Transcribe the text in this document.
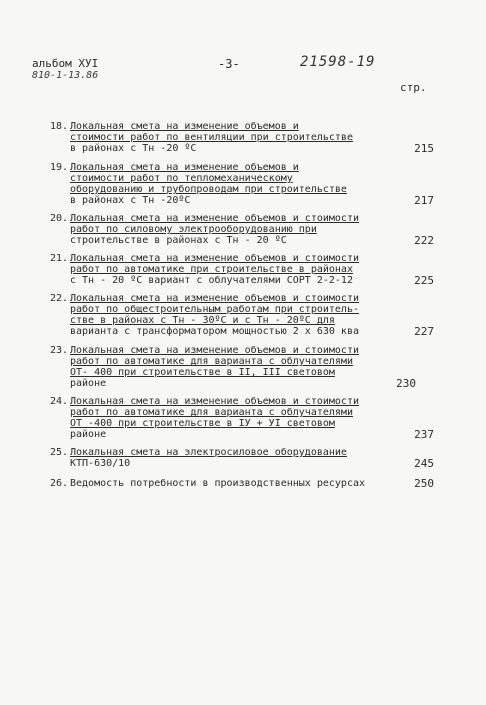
альбом ХУІ
810-1-13.86
-3-	21598-19
стр.
18. Локальная смета на изменение объемов и
стоимости работ по вентиляции при строительстве
в районах с Тн -20 ºС	215
19. Локальная смета на изменение объемов и
стоимости работ по тепломеханическому
оборудованию и трубопроводам при строительстве
в районах с Тн -20ºС	217
20. Локальная смета на изменение объемов и стоимости
работ по силовому электрооборудованию при
строительстве в районах с Тн - 20 ºС	222
21. Локальная смета на изменение объемов и стоимости
работ по автоматике при строительстве в районах
с Тн - 20 ºС вариант с облучателями СОРТ 2-2-12	225
22. Локальная смета на изменение объемов и стоимости
работ по общестроительным работам при строитель-
стве в районах с Тн - 30ºС и с Тн - 20ºС для
варианта с трансформатором мощностью 2 х 630 ква	227
23. Локальная смета на изменение объемов и стоимости
работ по автоматике для варианта с облучателями
ОТ- 400 при строительстве в II, III световом
районе	230
24. Локальная смета на изменение объемов и стоимости
работ по автоматике для варианта с облучателями
ОТ -400 при строительстве в IУ + УI световом
районе	237
25. Локальная смета на электросиловое оборудование
КТП-630/10	245
26. Ведомость потребности в производственных ресурсах	250
